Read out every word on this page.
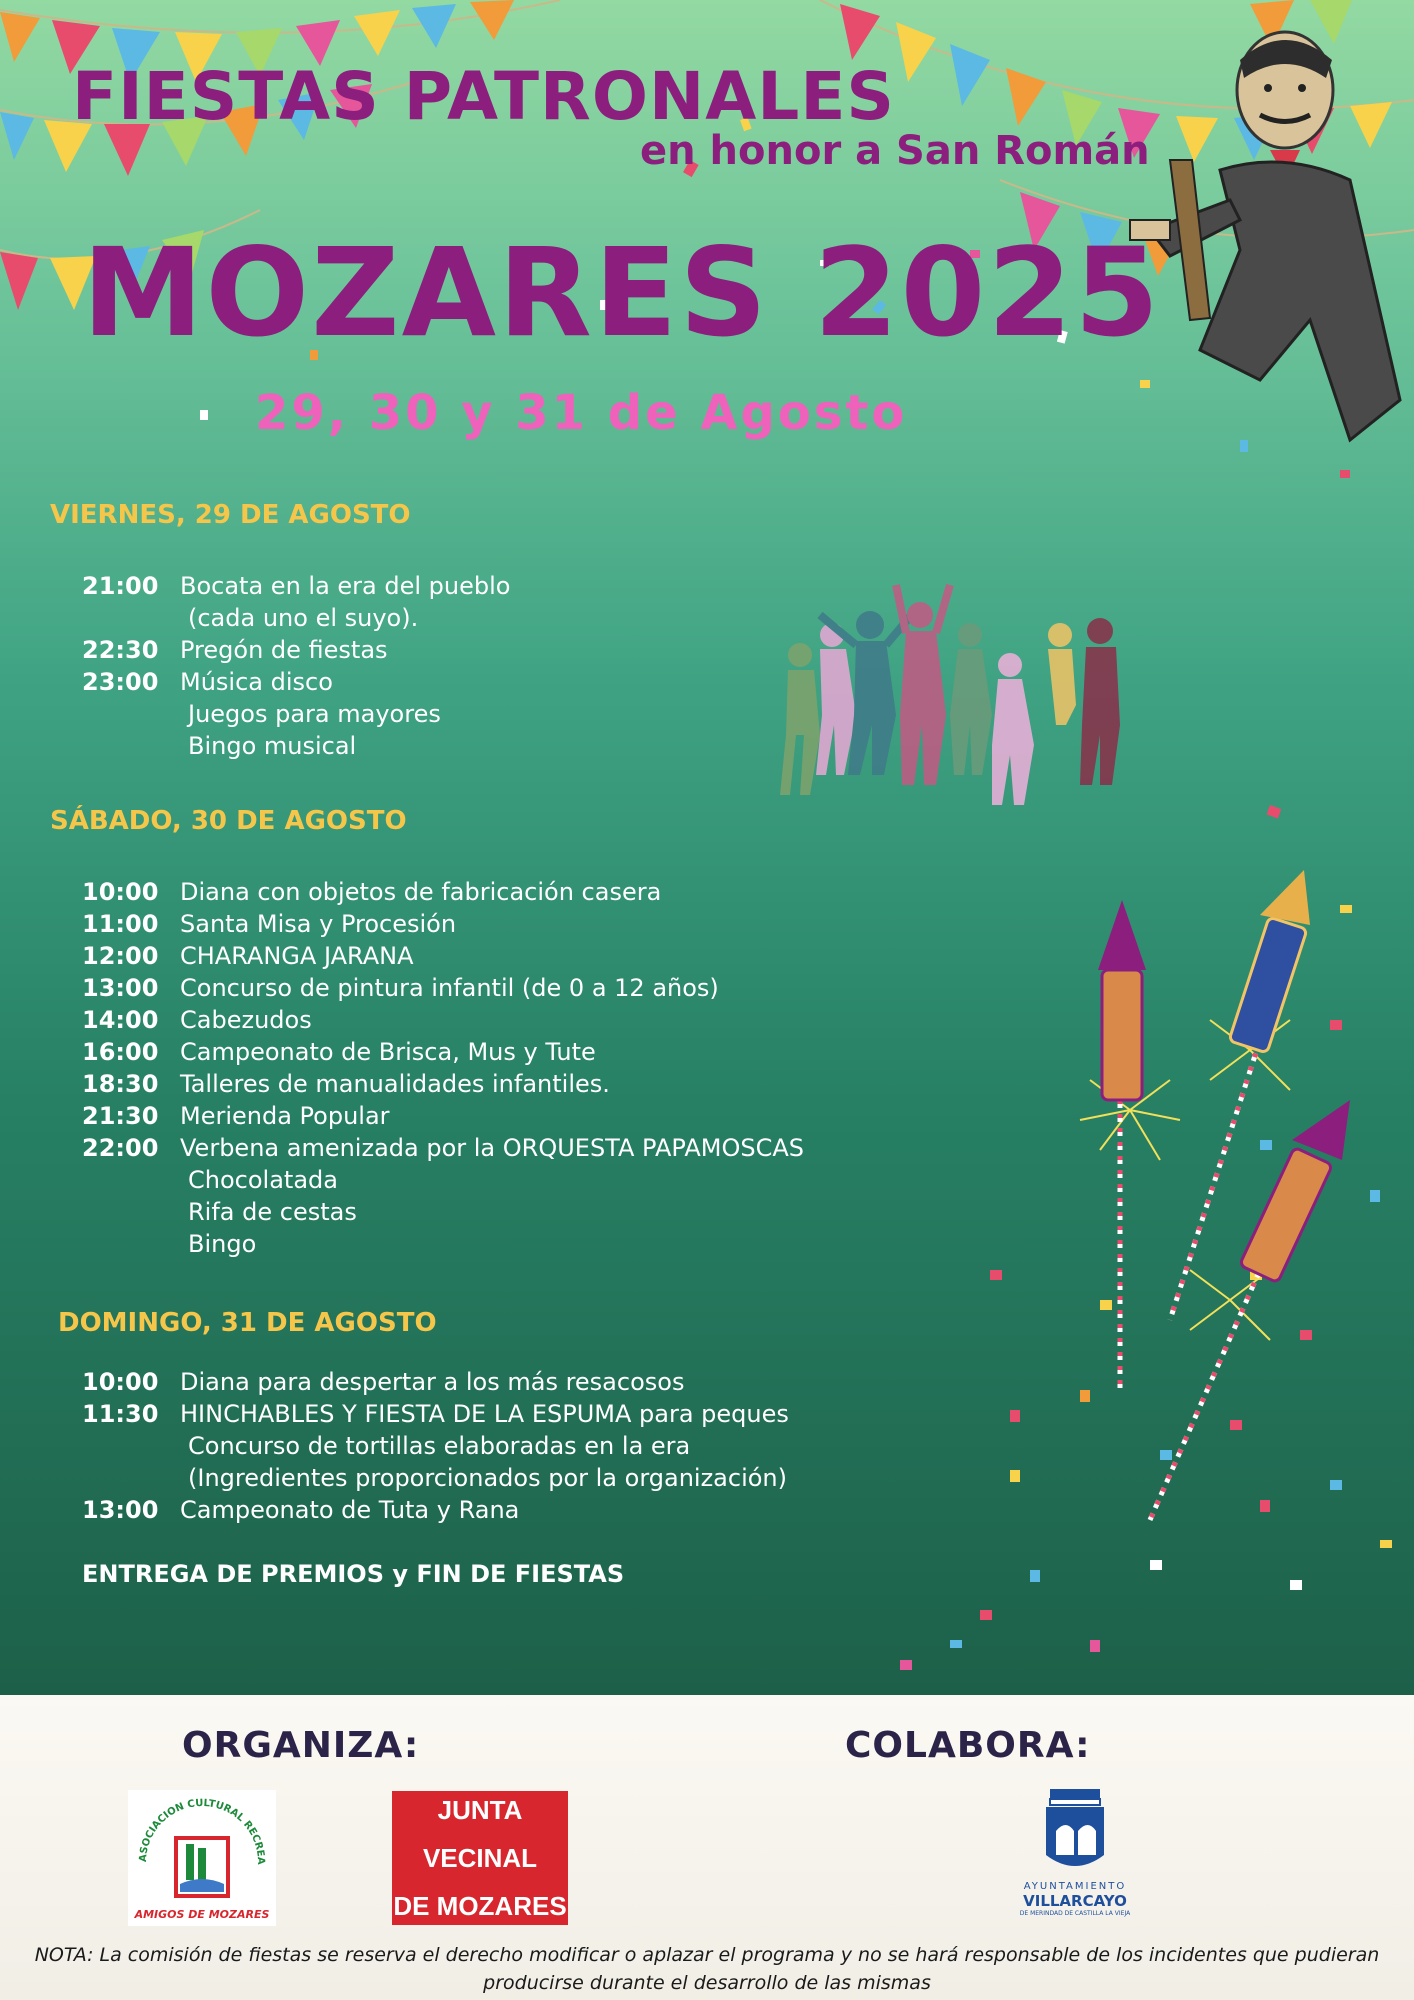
FIESTAS PATRONALES
en honor a San Román
MOZARES 2025
29, 30 y 31 de Agosto
VIERNES, 29 DE AGOSTO
21:00 Bocata en la era del pueblo
(cada uno el suyo).
22:30 Pregón de fiestas
23:00 Música disco
Juegos para mayores
Bingo musical
SÁBADO, 30 DE AGOSTO
10:00 Diana con objetos de fabricación casera
11:00 Santa Misa y Procesión
12:00 CHARANGA JARANA
13:00 Concurso de pintura infantil (de 0 a 12 años)
14:00 Cabezudos
16:00 Campeonato de Brisca, Mus y Tute
18:30 Talleres de manualidades infantiles.
21:30 Merienda Popular
22:00 Verbena amenizada por la ORQUESTA PAPAMOSCAS
Chocolatada
Rifa de cestas
Bingo
DOMINGO, 31 DE AGOSTO
10:00 Diana para despertar a los más resacosos
11:30 HINCHABLES Y FIESTA DE LA ESPUMA para peques
Concurso de tortillas elaboradas en la era
(Ingredientes proporcionados por la organización)
13:00 Campeonato de Tuta y Rana

ENTREGA DE PREMIOS y FIN DE FIESTAS

ORGANIZA:	COLABORA:
ASOCIACION CULTURAL RECREA
AMIGOS DE MOZARES
JUNTA VECINAL
DE MOZARES
AYUNTAMIENTO
VILLARCAYO
DE MERINDAD DE CASTILLA LA VIEJA

NOTA: La comisión de fiestas se reserva el derecho modificar o aplazar el programa y no se hará responsable de los incidentes que pudieran producirse durante el desarrollo de las mismas
